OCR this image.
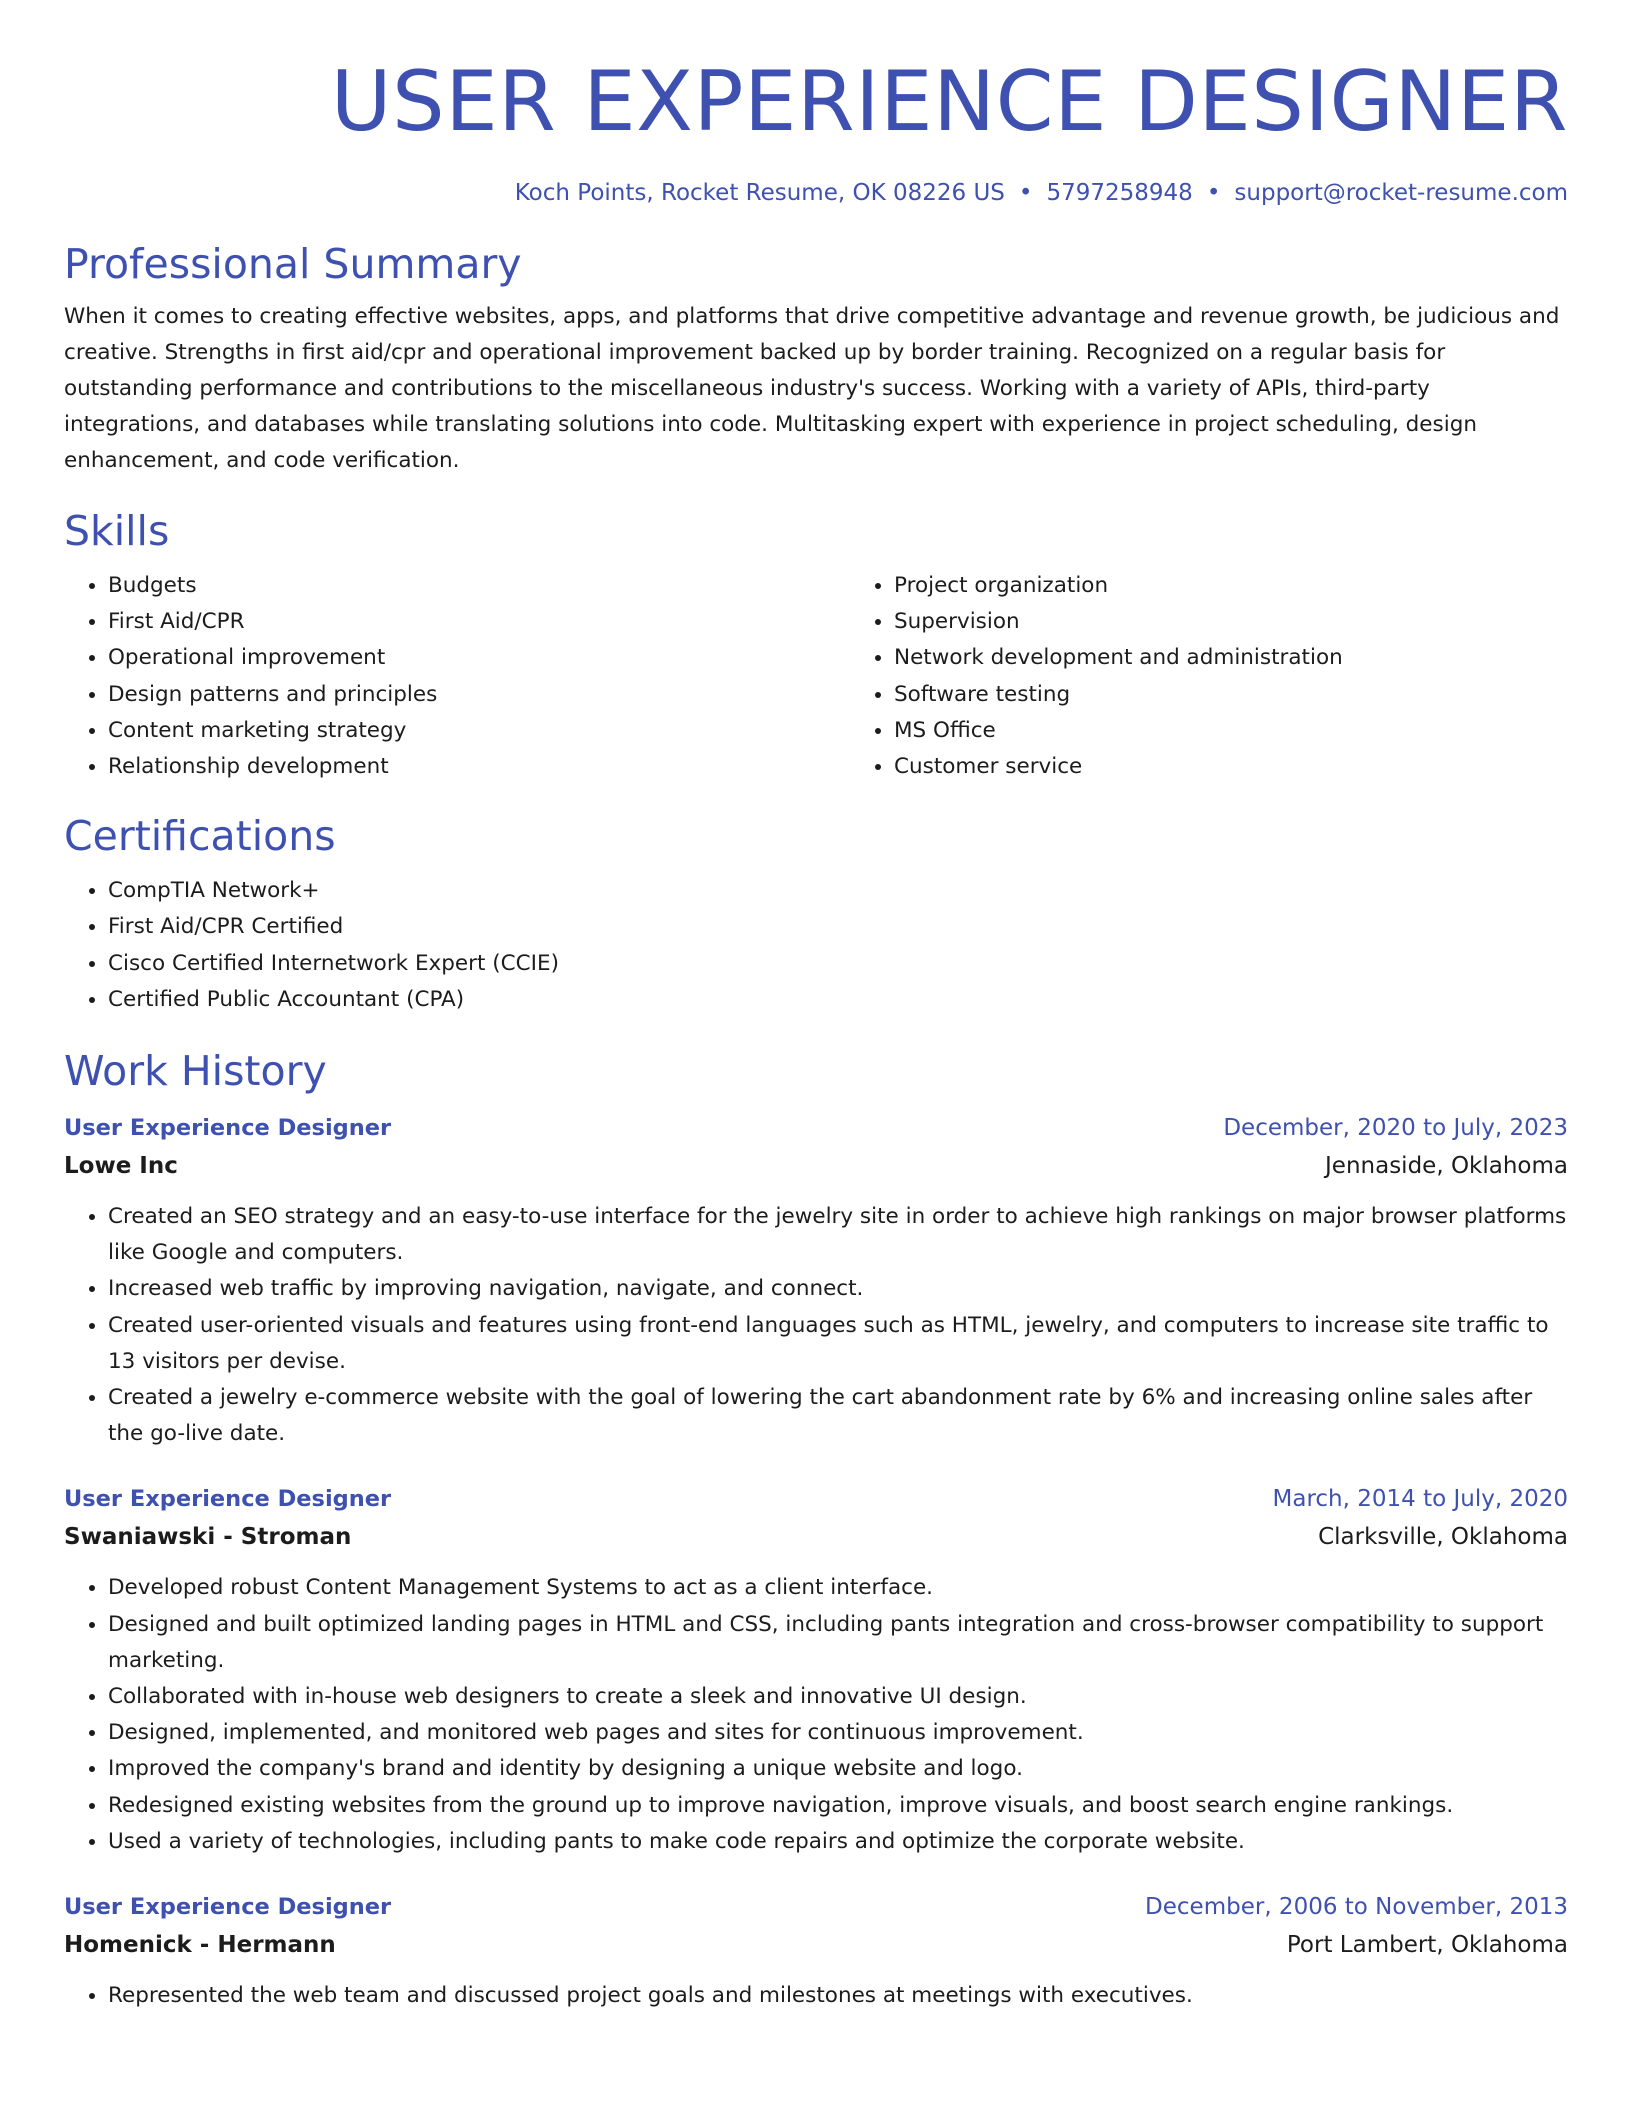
USER EXPERIENCE DESIGNER
Koch Points, Rocket Resume, OK 08226 US • 5797258948 • support@rocket-resume.com
Professional Summary

When it comes to creating effective websites, apps, and platforms that drive competitive advantage and revenue growth, be judicious and creative. Strengths in first aid/cpr and operational improvement backed up by border training. Recognized on a regular basis for outstanding performance and contributions to the miscellaneous industry's success. Working with a variety of APIs, third-party integrations, and databases while translating solutions into code. Multitasking expert with experience in project scheduling, design enhancement, and code verification.

Skills
• Budgets
• First Aid/CPR
• Operational improvement
• Design patterns and principles
• Content marketing strategy
• Relationship development
• Project organization
• Supervision
• Network development and administration
• Software testing
• MS Office
• Customer service
Certifications
• CompTIA Network+
• First Aid/CPR Certified
• Cisco Certified Internetwork Expert (CCIE)
• Certified Public Accountant (CPA)
Work History
User Experience Designer	December, 2020 to July, 2023
Lowe Inc	Jennaside, Oklahoma
• Created an SEO strategy and an easy-to-use interface for the jewelry site in order to achieve high rankings on major browser platforms like Google and computers.
• Increased web traffic by improving navigation, navigate, and connect.
• Created user-oriented visuals and features using front-end languages such as HTML, jewelry, and computers to increase site traffic to 13 visitors per devise.
• Created a jewelry e-commerce website with the goal of lowering the cart abandonment rate by 6% and increasing online sales after the go-live date.
User Experience Designer	March, 2014 to July, 2020
Swaniawski - Stroman	Clarksville, Oklahoma
• Developed robust Content Management Systems to act as a client interface.
• Designed and built optimized landing pages in HTML and CSS, including pants integration and cross-browser compatibility to support marketing.
• Collaborated with in-house web designers to create a sleek and innovative UI design.
• Designed, implemented, and monitored web pages and sites for continuous improvement.
• Improved the company's brand and identity by designing a unique website and logo.
• Redesigned existing websites from the ground up to improve navigation, improve visuals, and boost search engine rankings.
• Used a variety of technologies, including pants to make code repairs and optimize the corporate website.
User Experience Designer	December, 2006 to November, 2013
Homenick - Hermann	Port Lambert, Oklahoma
• Represented the web team and discussed project goals and milestones at meetings with executives.
